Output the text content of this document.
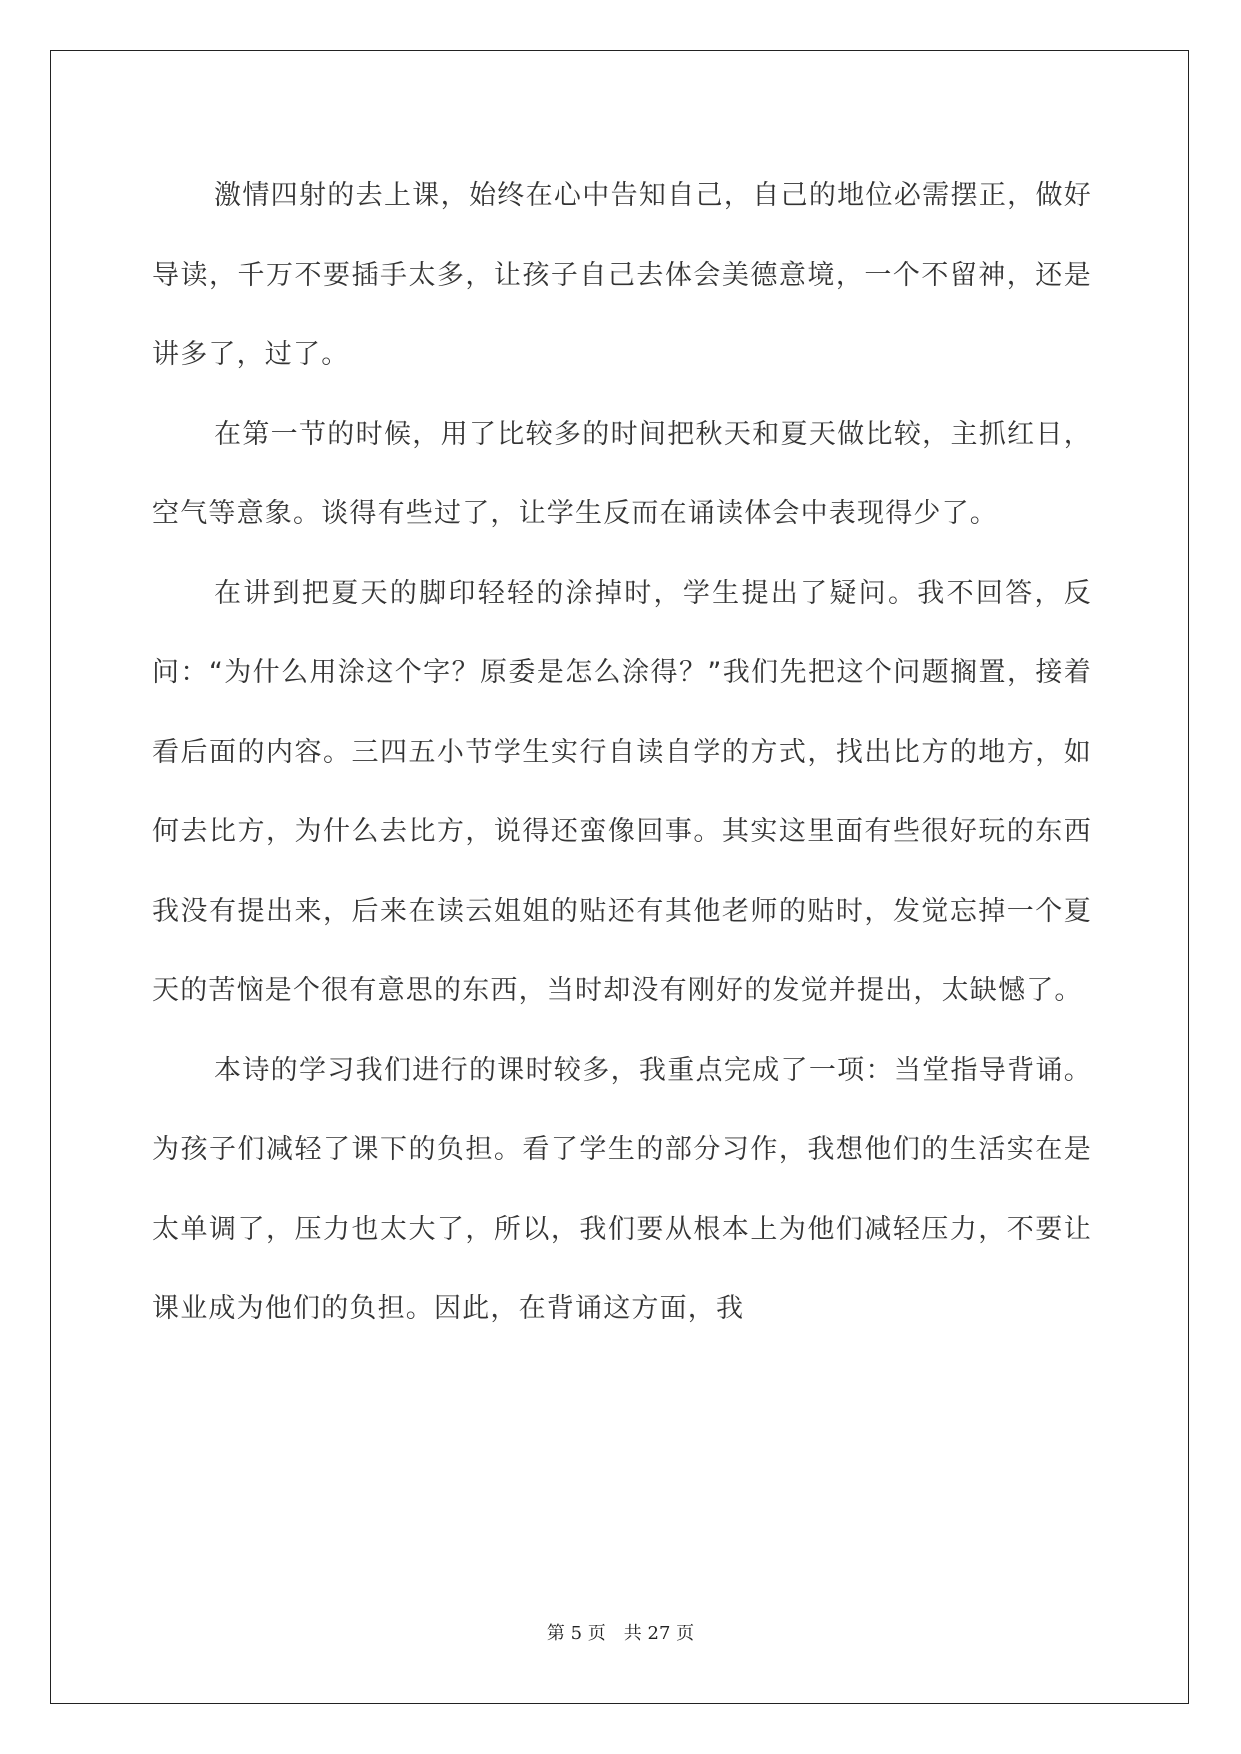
激情四射的去上课，始终在心中告知自己，自己的地位必需摆正，做好导读，千万不要插手太多，让孩子自己去体会美德意境，一个不留神，还是讲多了，过了。

在第一节的时候，用了比较多的时间把秋天和夏天做比较，主抓红日，空气等意象。谈得有些过了，让学生反而在诵读体会中表现得少了。

在讲到把夏天的脚印轻轻的涂掉时，学生提出了疑问。我不回答，反问：“为什么用涂这个字？原委是怎么涂得？”我们先把这个问题搁置，接着看后面的内容。三四五小节学生实行自读自学的方式，找出比方的地方，如何去比方，为什么去比方，说得还蛮像回事。其实这里面有些很好玩的东西我没有提出来，后来在读云姐姐的贴还有其他老师的贴时，发觉忘掉一个夏天的苦恼是个很有意思的东西，当时却没有刚好的发觉并提出，太缺憾了。

本诗的学习我们进行的课时较多，我重点完成了一项：当堂指导背诵。为孩子们减轻了课下的负担。看了学生的部分习作，我想他们的生活实在是太单调了，压力也太大了，所以，我们要从根本上为他们减轻压力，不要让课业成为他们的负担。因此，在背诵这方面，我

第 5 页　共 27 页
